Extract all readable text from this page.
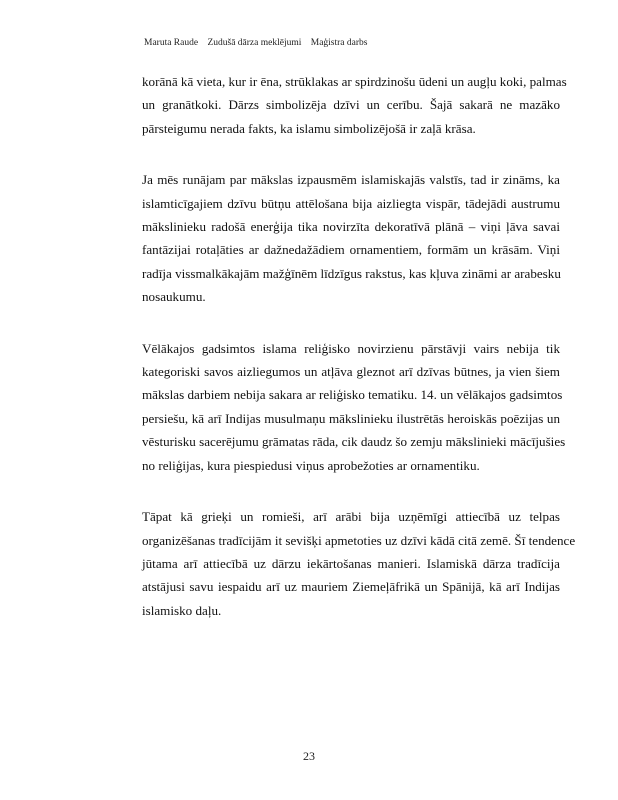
Maruta Raude Zudušā dārza meklējumi Maģistra darbs

korānā kā vieta, kur ir ēna, strūklakas ar spirdzinošu ūdeni un augļu koki, palmas
un granātkoki. Dārzs simbolizēja dzīvi un cerību. Šajā sakarā ne mazāko
pārsteigumu nerada fakts, ka islamu simbolizējošā ir zaļā krāsa.

Ja mēs runājam par mākslas izpausmēm islamiskajās valstīs, tad ir zināms, ka
islamticīgajiem dzīvu būtņu attēlošana bija aizliegta vispār, tādejādi austrumu
mākslinieku radošā enerģija tika novirzīta dekoratīvā plānā – viņi ļāva savai
fantāzijai rotaļāties ar dažnedažādiem ornamentiem, formām un krāsām. Viņi
radīja vissmalkākajām mažģīnēm līdzīgus rakstus, kas kļuva zināmi ar arabesku
nosaukumu.

Vēlākajos gadsimtos islama reliģisko novirzienu pārstāvji vairs nebija tik
kategoriski savos aizliegumos un atļāva gleznot arī dzīvas būtnes, ja vien šiem
mākslas darbiem nebija sakara ar reliģisko tematiku. 14. un vēlākajos gadsimtos
persiešu, kā arī Indijas musulmaņu mākslinieku ilustrētās heroiskās poēzijas un
vēsturisku sacerējumu grāmatas rāda, cik daudz šo zemju mākslinieki mācījušies
no reliģijas, kura piespiedusi viņus aprobežoties ar ornamentiku.

Tāpat kā grieķi un romieši, arī arābi bija uzņēmīgi attiecībā uz telpas
organizēšanas tradīcijām it sevišķi apmetoties uz dzīvi kādā citā zemē. Šī tendence
jūtama arī attiecībā uz dārzu iekārtošanas manieri. Islamiskā dārza tradīcija
atstājusi savu iespaidu arī uz mauriem Ziemeļāfrikā un Spānijā, kā arī Indijas
islamisko daļu.

23
